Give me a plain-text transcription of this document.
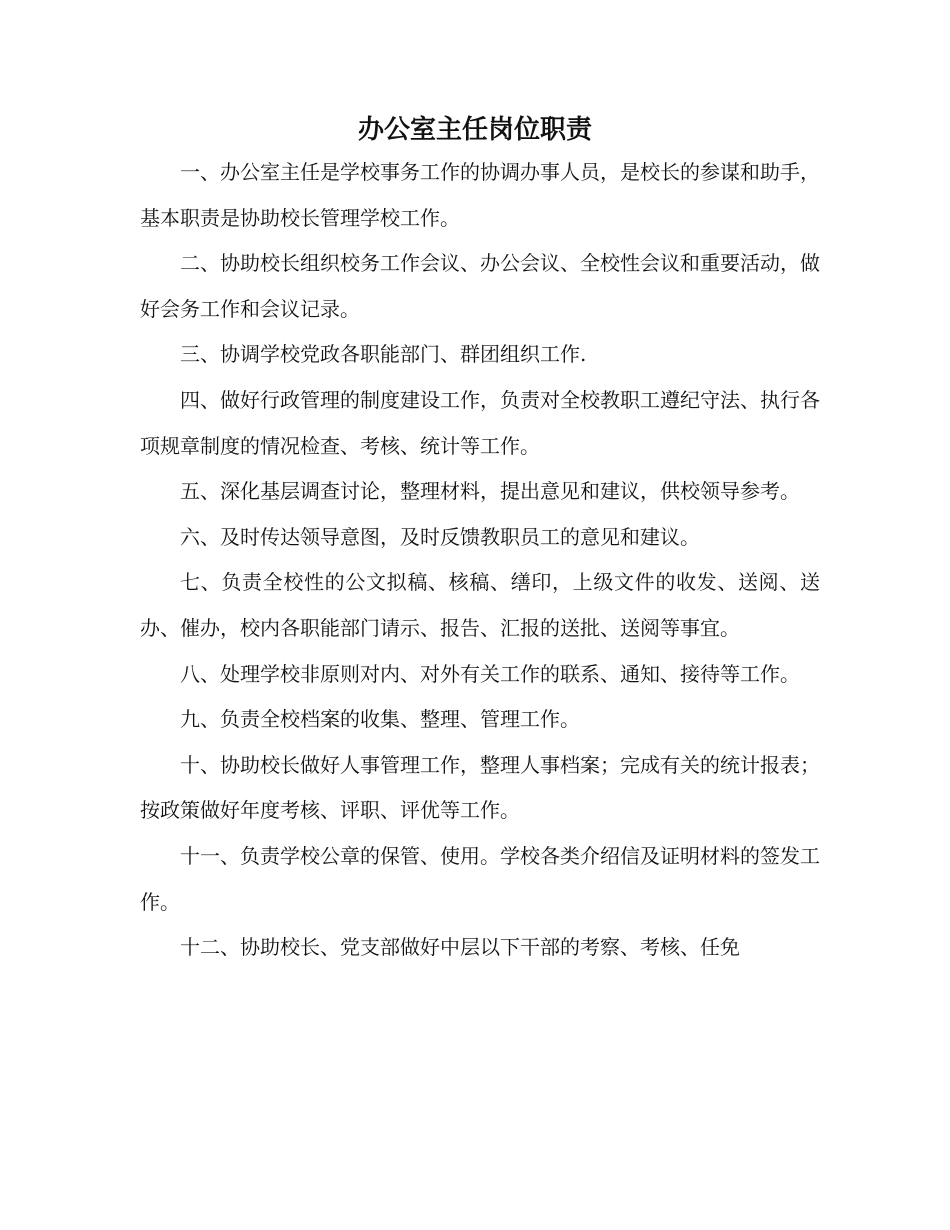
办公室主任岗位职责

一、办公室主任是学校事务工作的协调办事人员，是校长的参谋和助手，基本职责是协助校长管理学校工作。

二、协助校长组织校务工作会议、办公会议、全校性会议和重要活动，做好会务工作和会议记录。

三、协调学校党政各职能部门、群团组织工作.

四、做好行政管理的制度建设工作，负责对全校教职工遵纪守法、执行各项规章制度的情况检查、考核、统计等工作。

五、深化基层调查讨论，整理材料，提出意见和建议，供校领导参考。

六、及时传达领导意图，及时反馈教职员工的意见和建议。

七、负责全校性的公文拟稿、核稿、缮印，上级文件的收发、送阅、送办、催办，校内各职能部门请示、报告、汇报的送批、送阅等事宜。

八、处理学校非原则对内、对外有关工作的联系、通知、接待等工作。

九、负责全校档案的收集、整理、管理工作。

十、协助校长做好人事管理工作，整理人事档案；完成有关的统计报表；按政策做好年度考核、评职、评优等工作。

十一、负责学校公章的保管、使用。学校各类介绍信及证明材料的签发工作。

十二、协助校长、党支部做好中层以下干部的考察、考核、任免
